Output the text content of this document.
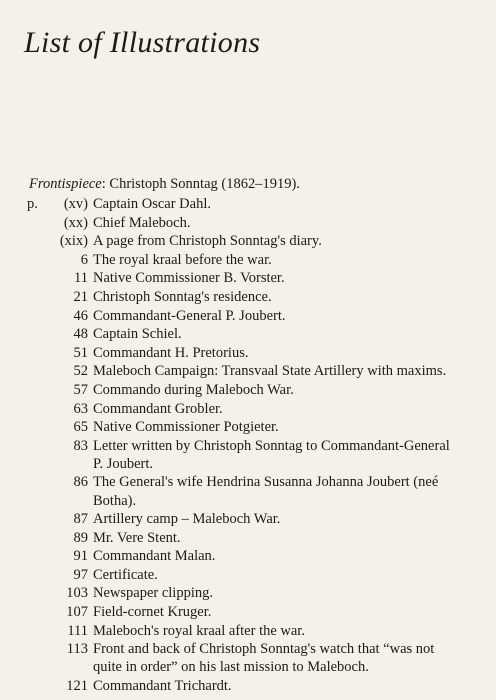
List of Illustrations
Frontispiece: Christoph Sonntag (1862–1919).
p.	(xv) Captain Oscar Dahl.
(xx) Chief Maleboch.
(xix) A page from Christoph Sonntag's diary.
6 The royal kraal before the war.
11 Native Commissioner B. Vorster.
21 Christoph Sonntag's residence.
46 Commandant-General P. Joubert.
48 Captain Schiel.
51 Commandant H. Pretorius.
52 Maleboch Campaign: Transvaal State Artillery with maxims.
57 Commando during Maleboch War.
63 Commandant Grobler.
65 Native Commissioner Potgieter.
83 Letter written by Christoph Sonntag to Commandant-General
P. Joubert.
86 The General's wife Hendrina Susanna Johanna Joubert (neé
Botha).
87 Artillery camp – Maleboch War.
89 Mr. Vere Stent.
91 Commandant Malan.
97 Certificate.
103 Newspaper clipping.
107 Field-cornet Kruger.
111 Maleboch's royal kraal after the war.
113 Front and back of Christoph Sonntag's watch that “was not
quite in order” on his last mission to Maleboch.
121 Commandant Trichardt.
